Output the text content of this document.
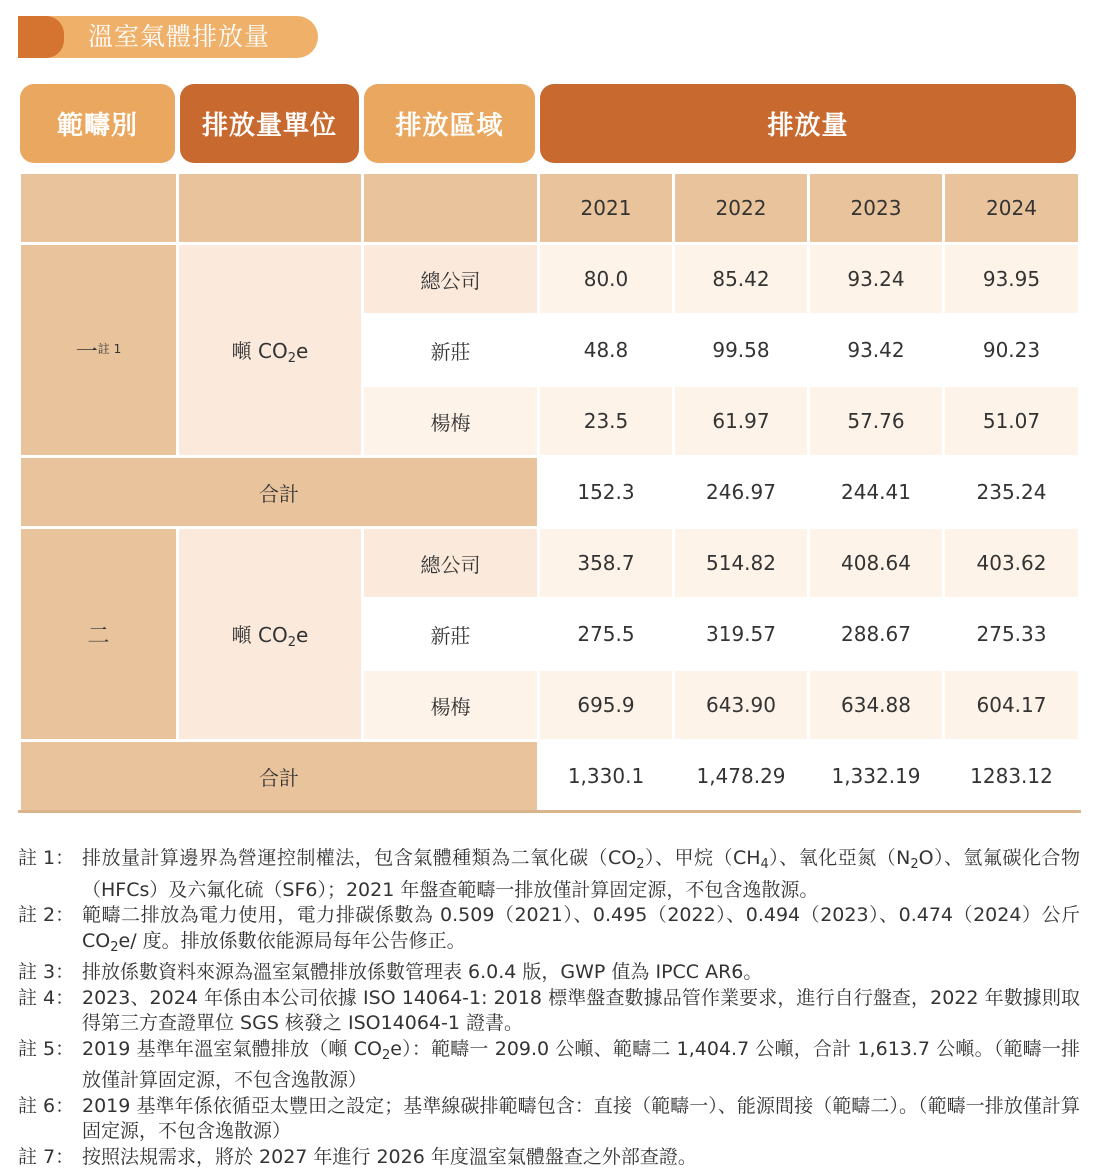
溫室氣體排放量
範疇別	排放量單位	排放區域	排放量
			2021	2022	2023	2024
一$^{註 1}$	噸 $CO_2e$	總公司	80.0	85.42	93.24	93.95
		新莊	48.8	99.58	93.42	90.23
		楊梅	23.5	61.97	57.76	51.07
合計			152.3	246.97	244.41	235.24
二	噸 $CO_2e$	總公司	358.7	514.82	408.64	403.62
		新莊	275.5	319.57	288.67	275.33
		楊梅	695.9	643.90	634.88	604.17
合計			1,330.1	1,478.29	1,332.19	1283.12
註 1： 排放量計算邊界為營運控制權法，包含氣體種類為二氧化碳$(CO_2)$、甲烷$(CH_4)$、氧化亞氮$(N_2O)$、氫氟碳化合物（HFCs）及六氟化硫（SF6）；2021 年盤查範疇一排放僅計算固定源，不包含逸散源。
註 2： 範疇二排放為電力使用，電力排碳係數為 0.509（2021）、0.495（2022）、0.494（2023）、0.474（2024）公斤 $CO_2e/$ 度。排放係數依能源局每年公告修正。
註 3： 排放係數資料來源為溫室氣體排放係數管理表 6.0.4 版，GWP 值為 IPCC AR6。
註 4： 2023、2024 年係由本公司依據 ISO 14064-1: 2018 標準盤查數據品管作業要求，進行自行盤查，2022 年數據則取得第三方查證單位 SGS 核發之 ISO14064-1 證書。
註 5： 2019 基準年溫室氣體排放（噸 $CO_2e$）：範疇一 209.0 公噸、範疇二 1,404.7 公噸，合計 1,613.7 公噸。（範疇一排放僅計算固定源，不包含逸散源）
註 6： 2019 基準年係依循亞太豐田之設定；基準線碳排範疇包含：直接（範疇一）、能源間接（範疇二）。（範疇一排放僅計算固定源，不包含逸散源）
註 7： 按照法規需求，將於 2027 年進行 2026 年度溫室氣體盤查之外部查證。
